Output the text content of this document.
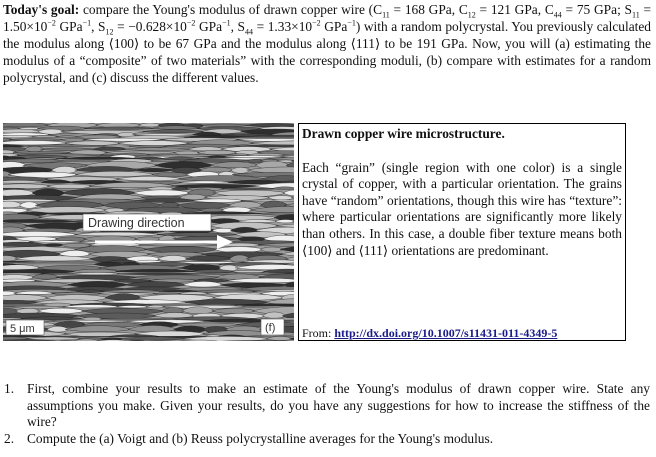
Today's goal: compare the Young's modulus of drawn copper wire ($C_{11} = 168$ GPa, $C_{12} = 121$ GPa, $C_{44} = 75$ GPa; $S_{11} = 1.50\times 10^{-2}$ GPa$^{-1}$, $S_{12} = -0.628\times 10^{-2}$ GPa$^{-1}$, $S_{44} = 1.33\times 10^{-2}$ GPa$^{-1}$) with a random polycrystal. You previously calculated the modulus along ⟨100⟩ to be 67 GPa and the modulus along ⟨111⟩ to be 191 GPa. Now, you will (a) estimating the modulus of a “composite” of two materials” with the corresponding moduli, (b) compare with estimates for a random polycrystal, and (c) discuss the different values.
Drawing direction
5 μm	(f)
Drawn copper wire microstructure.
Each “grain” (single region with one color) is a single crystal of copper, with a particular orientation. The grains have “random” orientations, though this wire has “texture”: where particular orientations are significantly more likely than others. In this case, a double fiber texture means both ⟨100⟩ and ⟨111⟩ orientations are predominant.
From: http://dx.doi.org/10.1007/s11431-011-4349-5
1. First, combine your results to make an estimate of the Young's modulus of drawn copper wire. State any assumptions you make. Given your results, do you have any suggestions for how to increase the stiffness of the wire?
2. Compute the (a) Voigt and (b) Reuss polycrystalline averages for the Young's modulus.
